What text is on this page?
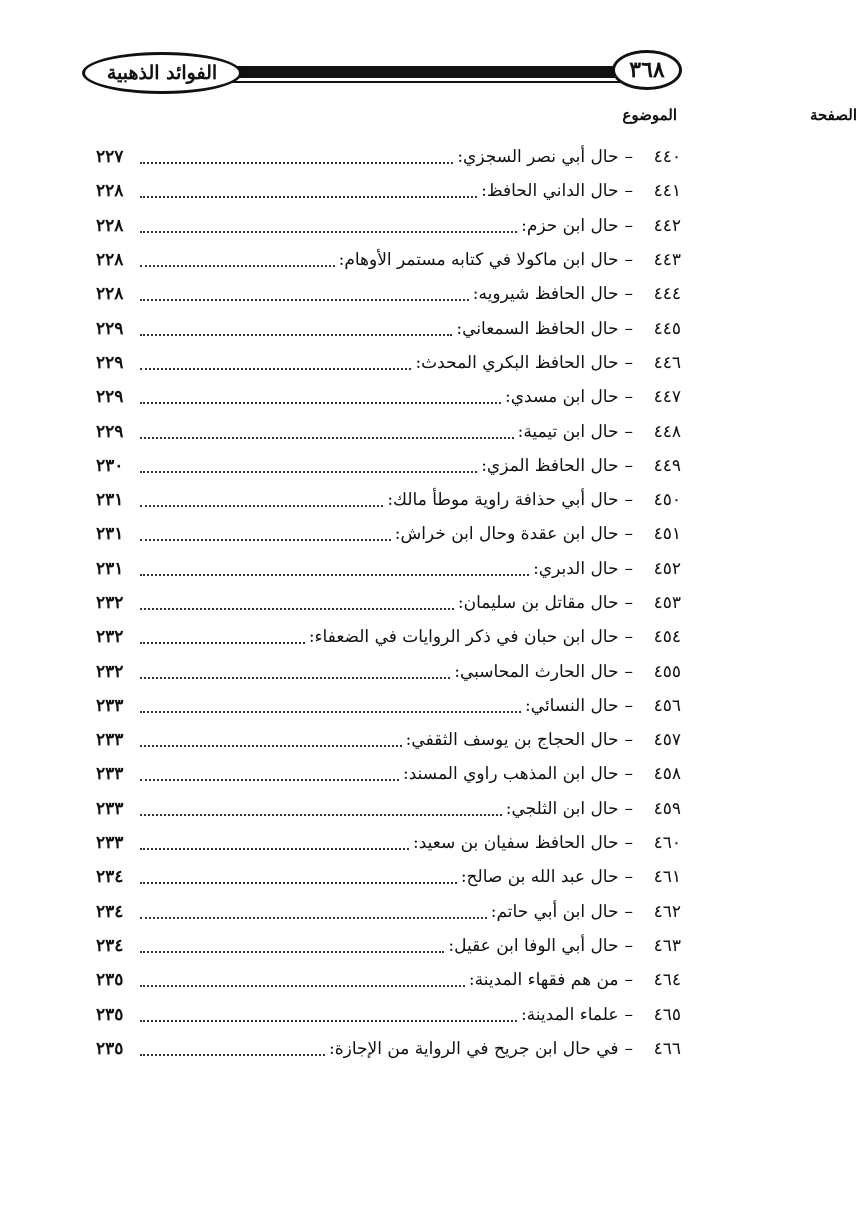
الفوائد الذهبية	٣٦٨
الموضوع	الصفحة
٤٤٠
–
حال أبي نصر السجزي:
٢٢٧
٤٤١
–
حال الداني الحافظ:
٢٢٨
٤٤٢
–
حال ابن حزم:
٢٢٨
٤٤٣
–
حال ابن ماكولا في كتابه مستمر الأوهام:
٢٢٨
٤٤٤
–
حال الحافظ شيرويه:
٢٢٨
٤٤٥
–
حال الحافظ السمعاني:
٢٢٩
٤٤٦
–
حال الحافظ البكري المحدث:
٢٢٩
٤٤٧
–
حال ابن مسدي:
٢٢٩
٤٤٨
–
حال ابن تيمية:
٢٢٩
٤٤٩
–
حال الحافظ المزي:
٢٣٠
٤٥٠
–
حال أبي حذافة راوية موطأ مالك:
٢٣١
٤٥١
–
حال ابن عقدة وحال ابن خراش:
٢٣١
٤٥٢
–
حال الدبري:
٢٣١
٤٥٣
–
حال مقاتل بن سليمان:
٢٣٢
٤٥٤
–
حال ابن حبان في ذكر الروايات في الضعفاء:
٢٣٢
٤٥٥
–
حال الحارث المحاسبي:
٢٣٢
٤٥٦
–
حال النسائي:
٢٣٣
٤٥٧
–
حال الحجاج بن يوسف الثقفي:
٢٣٣
٤٥٨
–
حال ابن المذهب راوي المسند:
٢٣٣
٤٥٩
–
حال ابن الثلجي:
٢٣٣
٤٦٠
–
حال الحافظ سفيان بن سعيد:
٢٣٣
٤٦١
–
حال عبد الله بن صالح:
٢٣٤
٤٦٢
–
حال ابن أبي حاتم:
٢٣٤
٤٦٣
–
حال أبي الوفا ابن عقيل:
٢٣٤
٤٦٤
–
من هم فقهاء المدينة:
٢٣٥
٤٦٥
–
علماء المدينة:
٢٣٥
٤٦٦
–
في حال ابن جريح في الرواية من الإجازة:
٢٣٥
